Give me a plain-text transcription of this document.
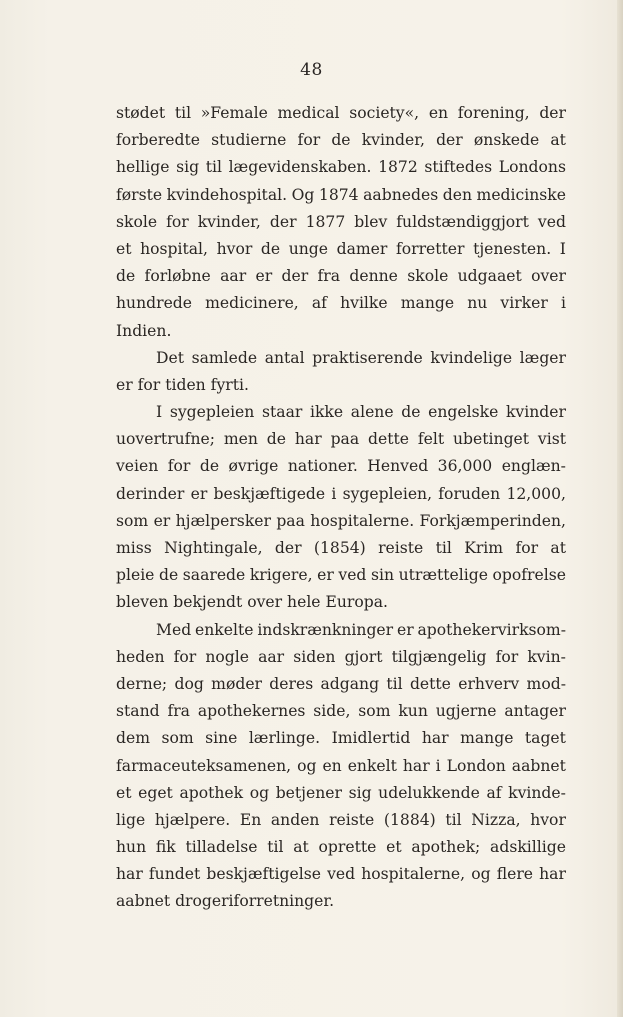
48
stødet til »Female medical society«, en forening, der
forberedte studierne for de kvinder, der ønskede at
hellige sig til lægevidenskaben. 1872 stiftedes Londons
første kvindehospital. Og 1874 aabnedes den medicinske
skole for kvinder, der 1877 blev fuldstændiggjort ved
et hospital, hvor de unge damer forretter tjenesten. I
de forløbne aar er der fra denne skole udgaaet over
hundrede medicinere, af hvilke mange nu virker i
Indien.
Det samlede antal praktiserende kvindelige læger
er for tiden fyrti.
I sygepleien staar ikke alene de engelske kvinder
uovertrufne; men de har paa dette felt ubetinget vist
veien for de øvrige nationer. Henved 36,000 englæn-
derinder er beskjæftigede i sygepleien, foruden 12,000,
som er hjælpersker paa hospitalerne. Forkjæmperinden,
miss Nightingale, der (1854) reiste til Krim for at
pleie de saarede krigere, er ved sin utrættelige opofrelse
bleven bekjendt over hele Europa.
Med enkelte indskrænkninger er apothekervirksom-
heden for nogle aar siden gjort tilgjængelig for kvin-
derne; dog møder deres adgang til dette erhverv mod-
stand fra apothekernes side, som kun ugjerne antager
dem som sine lærlinge. Imidlertid har mange taget
farmaceuteksamenen, og en enkelt har i London aabnet
et eget apothek og betjener sig udelukkende af kvinde-
lige hjælpere. En anden reiste (1884) til Nizza, hvor
hun fik tilladelse til at oprette et apothek; adskillige
har fundet beskjæftigelse ved hospitalerne, og flere har
aabnet drogeriforretninger.
